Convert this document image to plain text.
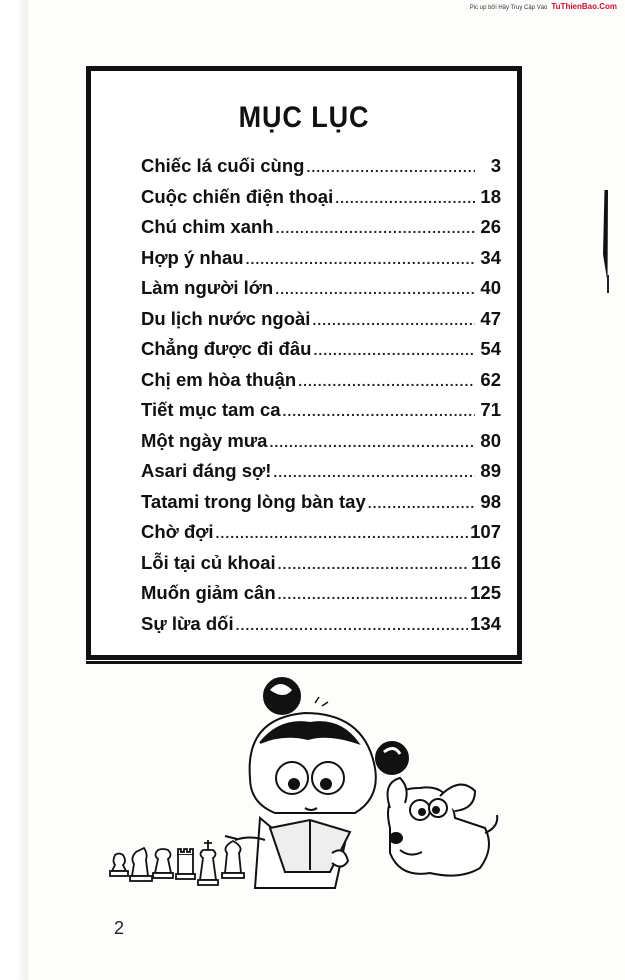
Pic up bởi Hầy Truy Cập Vào TuThienBao.Com
MỤC LỤC
Chiếc lá cuối cùng .....	3
Cuộc chiến điện thoại .....	18
Chú chim xanh .....	26
Hợp ý nhau .....	34
Làm người lớn .....	40
Du lịch nước ngoài .....	47
Chẳng được đi đâu .....	54
Chị em hòa thuận .....	62
Tiết mục tam ca .....	71
Một ngày mưa .....	80
Asari đáng sợ! .....	89
Tatami trong lòng bàn tay .....	98
Chờ đợi .....	107
Lỗi tại củ khoai .....	116
Muốn giảm cân .....	125
Sự lừa dối .....	134
2
